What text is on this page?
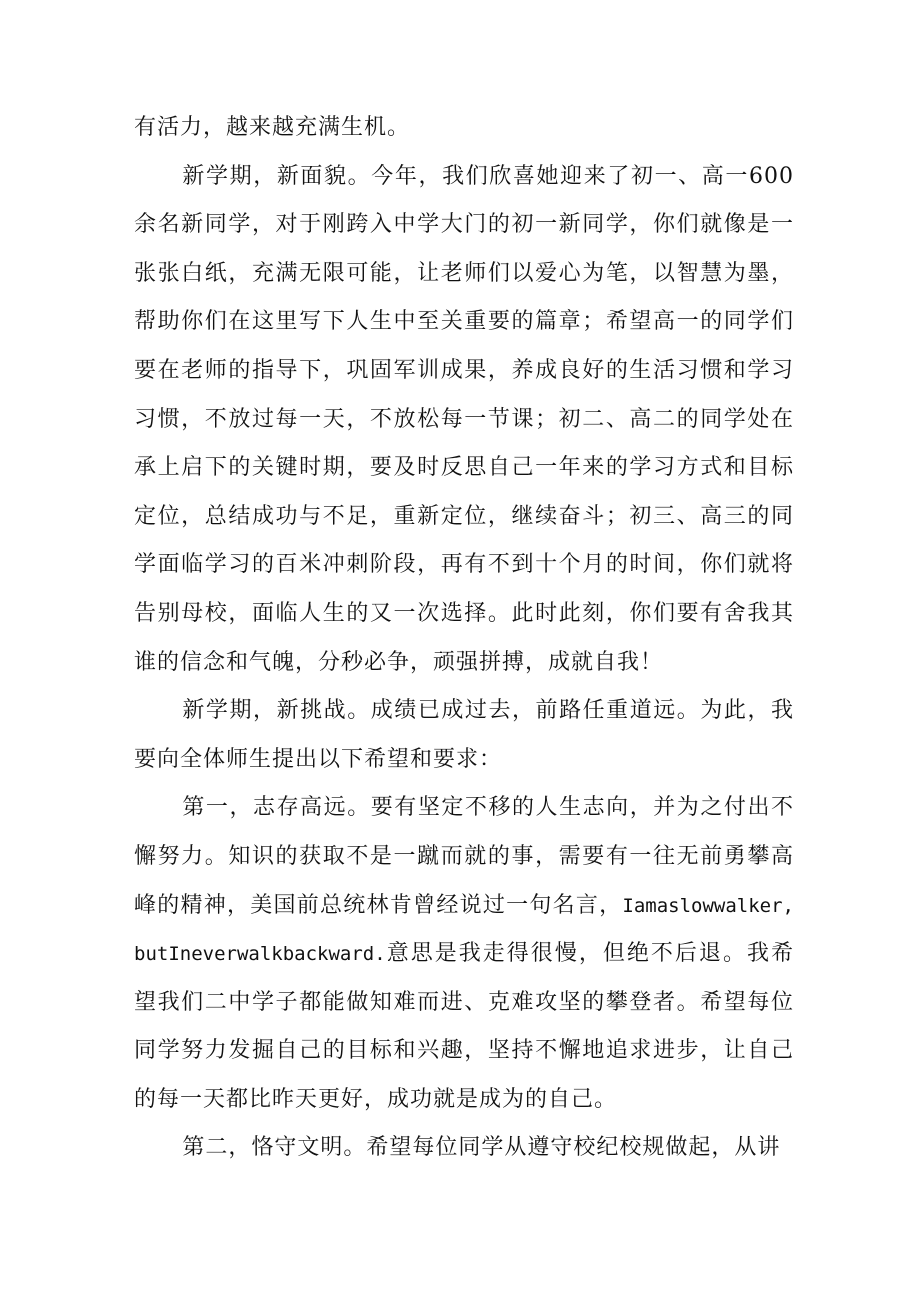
有活力，越来越充满生机。

新学期，新面貌。今年，我们欣喜她迎来了初一、高一600余名新同学，对于刚跨入中学大门的初一新同学，你们就像是一张张白纸，充满无限可能，让老师们以爱心为笔，以智慧为墨，帮助你们在这里写下人生中至关重要的篇章；希望高一的同学们要在老师的指导下，巩固军训成果，养成良好的生活习惯和学习习惯，不放过每一天，不放松每一节课；初二、高二的同学处在承上启下的关键时期，要及时反思自己一年来的学习方式和目标定位，总结成功与不足，重新定位，继续奋斗；初三、高三的同学面临学习的百米冲刺阶段，再有不到十个月的时间，你们就将告别母校，面临人生的又一次选择。此时此刻，你们要有舍我其谁的信念和气魄，分秒必争，顽强拼搏，成就自我！

新学期，新挑战。成绩已成过去，前路任重道远。为此，我要向全体师生提出以下希望和要求：

第一，志存高远。要有坚定不移的人生志向，并为之付出不懈努力。知识的获取不是一蹴而就的事，需要有一往无前勇攀高峰的精神，美国前总统林肯曾经说过一句名言，Iamaslowwalker,butIneverwalkbackward.意思是我走得很慢，但绝不后退。我希望我们二中学子都能做知难而进、克难攻坚的攀登者。希望每位同学努力发掘自己的目标和兴趣，坚持不懈地追求进步，让自己的每一天都比昨天更好，成功就是成为的自己。

第二，恪守文明。希望每位同学从遵守校纪校规做起，从讲
